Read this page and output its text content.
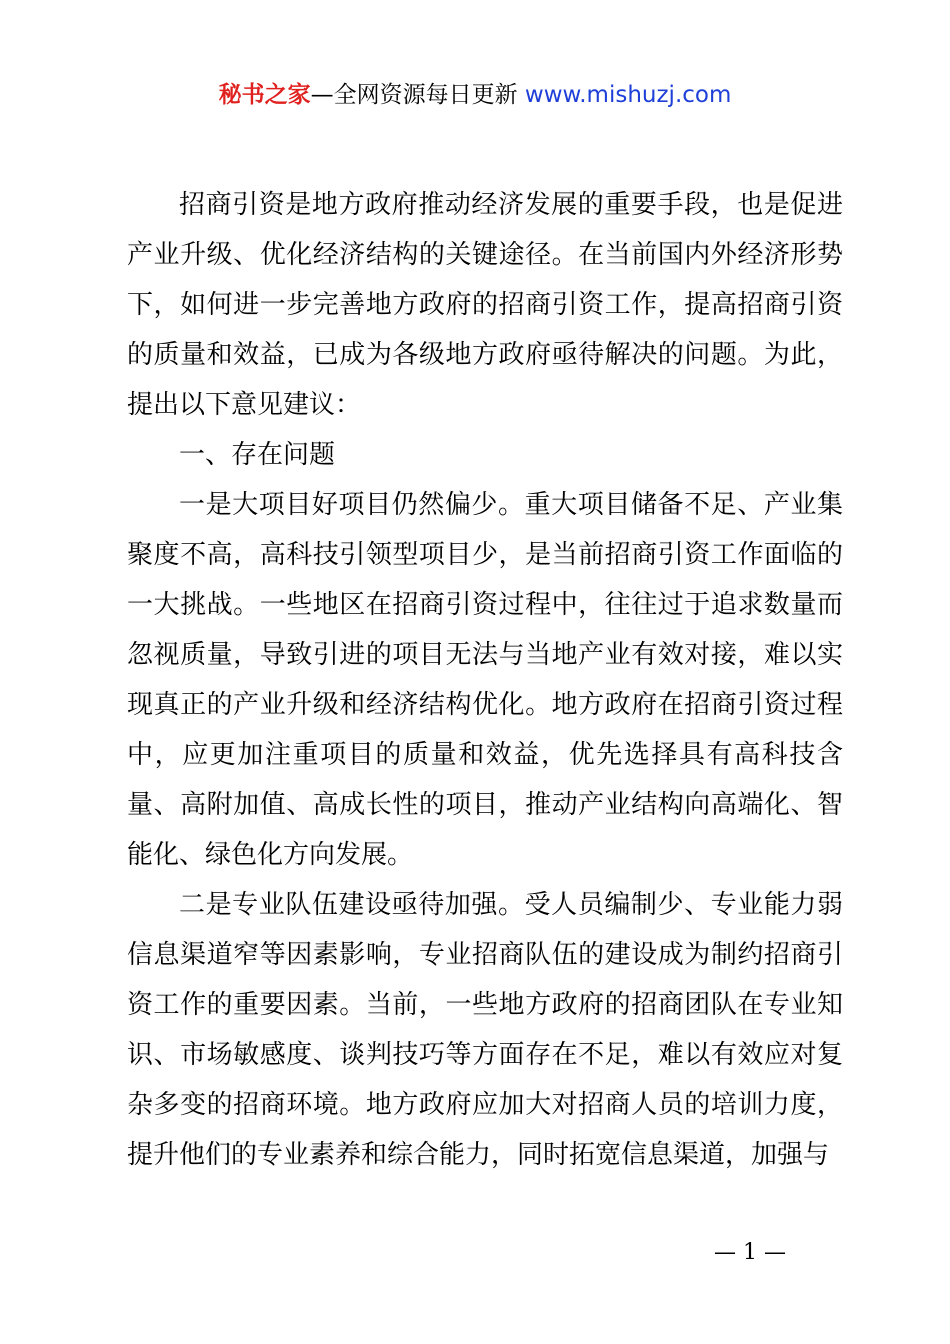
秘书之家—全网资源每日更新 www.mishuzj.com

招商引资是地方政府推动经济发展的重要手段，也是促进产业升级、优化经济结构的关键途径。在当前国内外经济形势下，如何进一步完善地方政府的招商引资工作，提高招商引资的质量和效益，已成为各级地方政府亟待解决的问题。为此，提出以下意见建议：

一、存在问题

一是大项目好项目仍然偏少。重大项目储备不足、产业集聚度不高，高科技引领型项目少，是当前招商引资工作面临的一大挑战。一些地区在招商引资过程中，往往过于追求数量而忽视质量，导致引进的项目无法与当地产业有效对接，难以实现真正的产业升级和经济结构优化。地方政府在招商引资过程中，应更加注重项目的质量和效益，优先选择具有高科技含量、高附加值、高成长性的项目，推动产业结构向高端化、智能化、绿色化方向发展。

二是专业队伍建设亟待加强。受人员编制少、专业能力弱信息渠道窄等因素影响，专业招商队伍的建设成为制约招商引资工作的重要因素。当前，一些地方政府的招商团队在专业知识、市场敏感度、谈判技巧等方面存在不足，难以有效应对复杂多变的招商环境。地方政府应加大对招商人员的培训力度，提升他们的专业素养和综合能力，同时拓宽信息渠道，加强与

— 1 —
